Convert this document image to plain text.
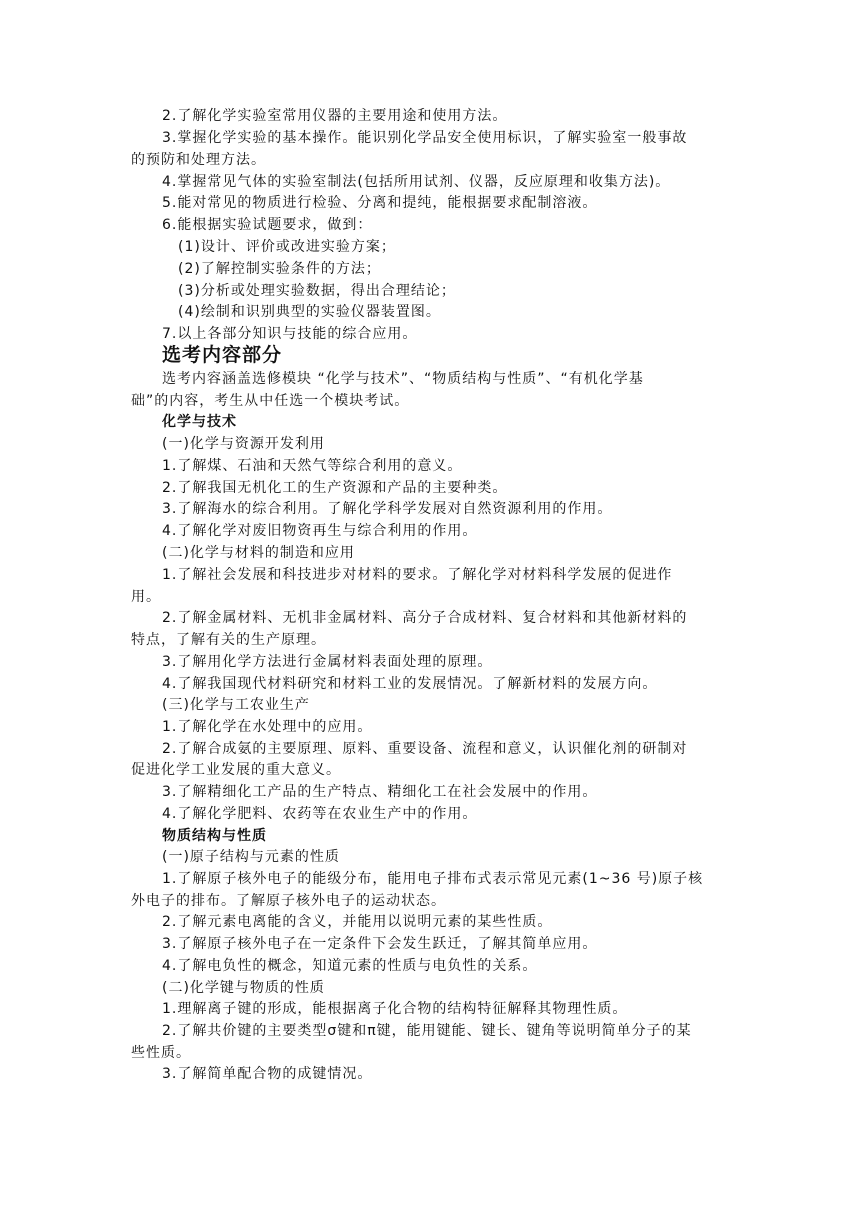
2.了解化学实验室常用仪器的主要用途和使用方法。
3.掌握化学实验的基本操作。能识别化学品安全使用标识，了解实验室一般事故
的预防和处理方法。
4.掌握常见气体的实验室制法(包括所用试剂、仪器，反应原理和收集方法)。
5.能对常见的物质进行检验、分离和提纯，能根据要求配制溶液。
6.能根据实验试题要求，做到：
(1)设计、评价或改进实验方案；
(2)了解控制实验条件的方法；
(3)分析或处理实验数据，得出合理结论；
(4)绘制和识别典型的实验仪器装置图。
7.以上各部分知识与技能的综合应用。
选考内容部分
选考内容涵盖选修模块 “化学与技术”、“物质结构与性质”、“有机化学基
础”的内容，考生从中任选一个模块考试。
化学与技术
(一)化学与资源开发利用
1.了解煤、石油和天然气等综合利用的意义。
2.了解我国无机化工的生产资源和产品的主要种类。
3.了解海水的综合利用。了解化学科学发展对自然资源利用的作用。
4.了解化学对废旧物资再生与综合利用的作用。
(二)化学与材料的制造和应用
1.了解社会发展和科技进步对材料的要求。了解化学对材料科学发展的促进作
用。
2.了解金属材料、无机非金属材料、高分子合成材料、复合材料和其他新材料的
特点，了解有关的生产原理。
3.了解用化学方法进行金属材料表面处理的原理。
4.了解我国现代材料研究和材料工业的发展情况。了解新材料的发展方向。
(三)化学与工农业生产
1.了解化学在水处理中的应用。
2.了解合成氨的主要原理、原料、重要设备、流程和意义，认识催化剂的研制对
促进化学工业发展的重大意义。
3.了解精细化工产品的生产特点、精细化工在社会发展中的作用。
4.了解化学肥料、农药等在农业生产中的作用。
物质结构与性质
(一)原子结构与元素的性质
1.了解原子核外电子的能级分布，能用电子排布式表示常见元素(1~36 号)原子核
外电子的排布。了解原子核外电子的运动状态。
2.了解元素电离能的含义，并能用以说明元素的某些性质。
3.了解原子核外电子在一定条件下会发生跃迁，了解其简单应用。
4.了解电负性的概念，知道元素的性质与电负性的关系。
(二)化学键与物质的性质
1.理解离子键的形成，能根据离子化合物的结构特征解释其物理性质。
2.了解共价键的主要类型σ键和π键，能用键能、键长、键角等说明简单分子的某
些性质。
3.了解简单配合物的成键情况。
